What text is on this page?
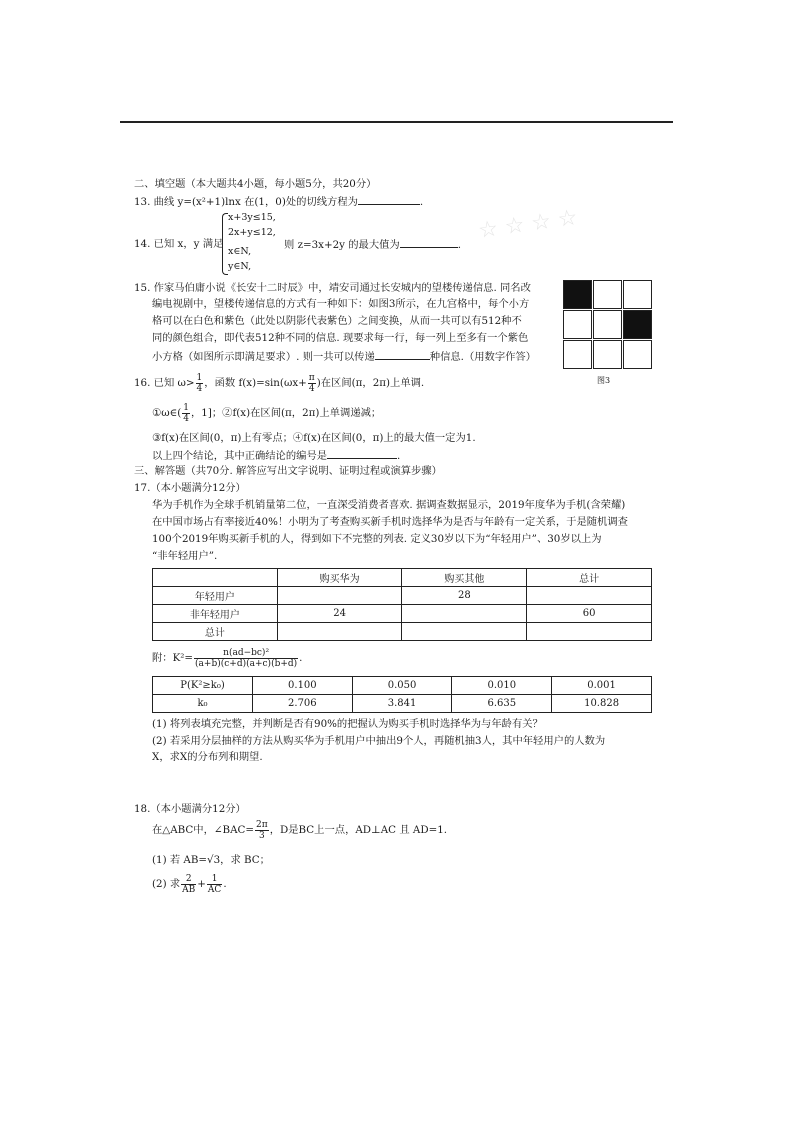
☆ ☆ ☆ ☆
二、填空题（本大题共4小题，每小题5分，共20分）
13. 曲线 y=(x²+1)lnx 在(1，0)处的切线方程为	.
14. 已知 x，y 满足
x+3y≤15,
2x+y≤12,
x∈N,
y∈N,
则 z=3x+2y 的最大值为	.
15. 作家马伯庸小说《长安十二时辰》中，靖安司通过长安城内的望楼传递信息. 同名改
编电视剧中，望楼传递信息的方式有一种如下：如图3所示，在九宫格中，每个小方
格可以在白色和紫色（此处以阴影代表紫色）之间变换，从而一共可以有512种不
同的颜色组合，即代表512种不同的信息. 现要求每一行，每一列上至多有一个紫色
小方格（如图所示即满足要求）. 则一共可以传递	种信息.（用数字作答）
图3
16. 已知 $\omega> \frac{1}{4}$ ，函数 $f(x)=\sin(\omega x+ \frac{\pi}{4}$ )在区间(π，2π)上单调.
①ω∈( $\frac{1}{4}$ ，1]；②f(x)在区间(π，2π)上单调递减；
③f(x)在区间(0，π)上有零点；④f(x)在区间(0，π)上的最大值一定为1.
以上四个结论，其中正确结论的编号是	.
三、解答题（共70分. 解答应写出文字说明、证明过程或演算步骤）
17.（本小题满分12分）
华为手机作为全球手机销量第二位，一直深受消费者喜欢. 据调查数据显示，2019年度华为手机(含荣耀)
在中国市场占有率接近40%！小明为了考查购买新手机时选择华为是否与年龄有一定关系，于是随机调查
100个2019年购买新手机的人，得到如下不完整的列表. 定义30岁以下为“年轻用户”、30岁以上为
“非年轻用户”.
	购买华为	购买其他	总计
年轻用户		28	
非年轻用户	24		60
总计			
附：$K^2= \frac{\text{n(ad−bc)²}}{(a+b)(c+d)(a+c)(b+d)}$ .
P(K²≥k₀)	0.100	0.050	0.010	0.001
k₀	2.706	3.841	6.635	10.828
(1) 将列表填充完整，并判断是否有90%的把握认为购买手机时选择华为与年龄有关？
(2) 若采用分层抽样的方法从购买华为手机用户中抽出9个人，再随机抽3人，其中年轻用户的人数为
X，求X的分布列和期望.
18.（本小题满分12分）
在△ABC中，∠BAC= $\frac{2\pi}{3}$ ，D是BC上一点，AD⊥AC 且 AD=1.
(1) 若 AB=√3，求 BC；
(2) 求 $\frac{2}{AB} + \frac{1}{AC}$ .
